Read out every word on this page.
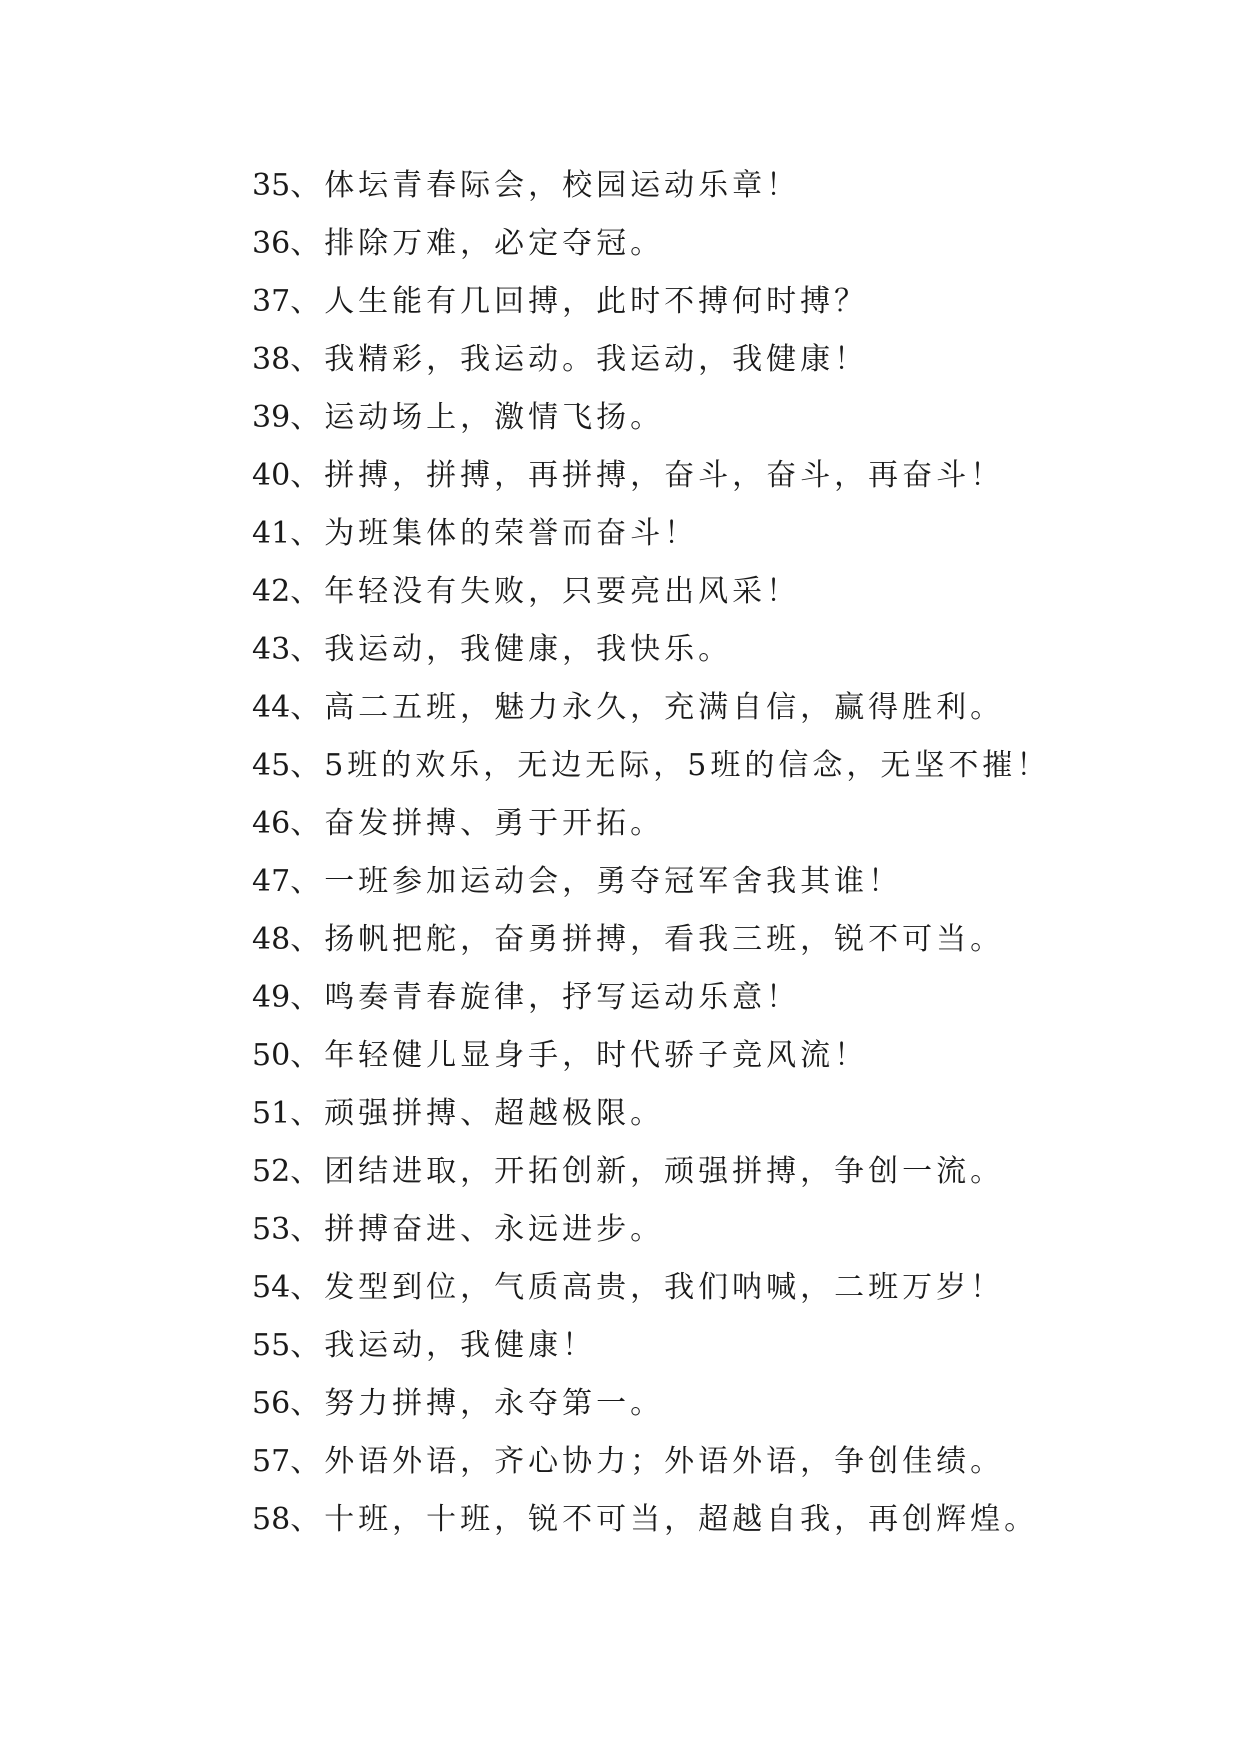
35、体坛青春际会，校园运动乐章！
36、排除万难，必定夺冠。
37、人生能有几回搏，此时不搏何时搏？
38、我精彩，我运动。我运动，我健康！
39、运动场上，激情飞扬。
40、拼搏，拼搏，再拼搏，奋斗，奋斗，再奋斗！
41、为班集体的荣誉而奋斗！
42、年轻没有失败，只要亮出风采！
43、我运动，我健康，我快乐。
44、高二五班，魅力永久，充满自信，赢得胜利。
45、5班的欢乐，无边无际，5班的信念，无坚不摧！
46、奋发拼搏、勇于开拓。
47、一班参加运动会，勇夺冠军舍我其谁！
48、扬帆把舵，奋勇拼搏，看我三班，锐不可当。
49、鸣奏青春旋律，抒写运动乐意！
50、年轻健儿显身手，时代骄子竞风流！
51、顽强拼搏、超越极限。
52、团结进取，开拓创新，顽强拼搏，争创一流。
53、拼搏奋进、永远进步。
54、发型到位，气质高贵，我们呐喊，二班万岁！
55、我运动，我健康！
56、努力拼搏，永夺第一。
57、外语外语，齐心协力；外语外语，争创佳绩。
58、十班，十班，锐不可当，超越自我，再创辉煌。
